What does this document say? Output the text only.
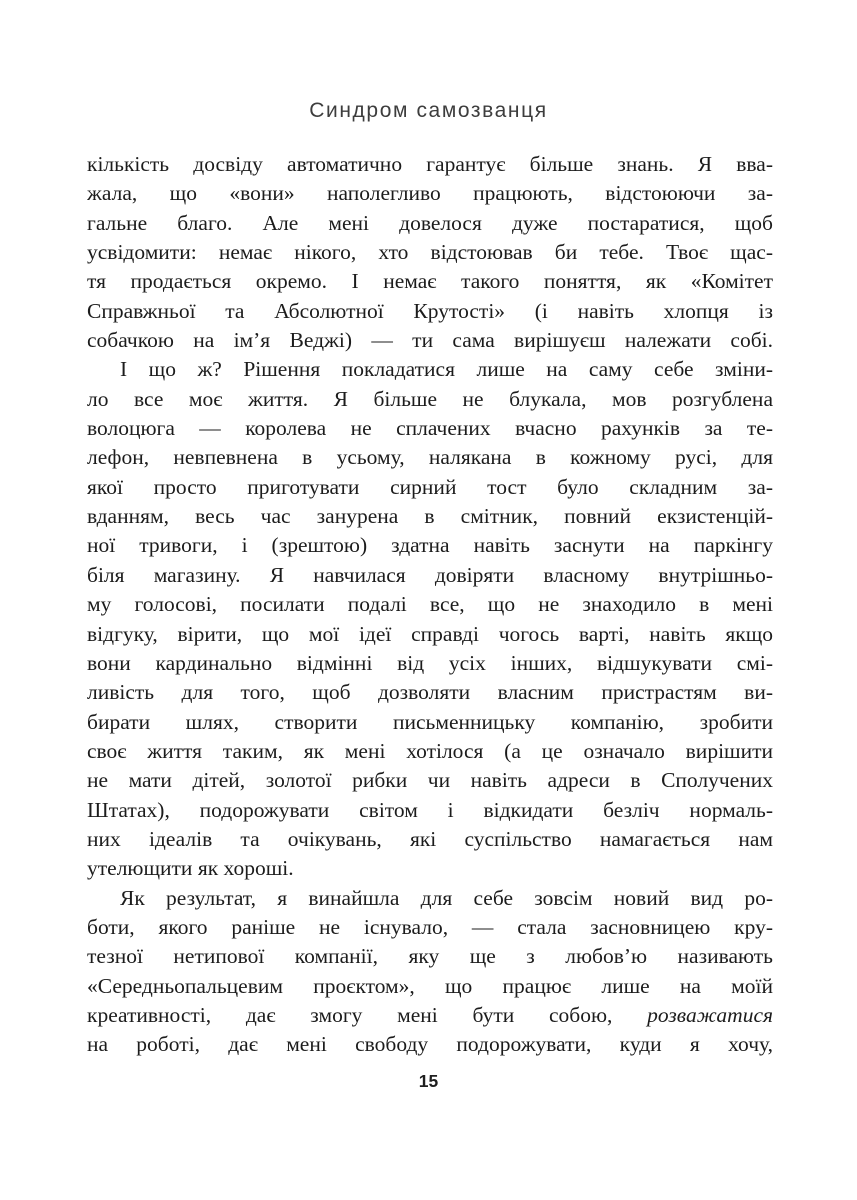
Синдром самозванця
кількість досвіду автоматично гарантує більше знань. Я вва-
жала, що «вони» наполегливо працюють, відстоюючи за-
гальне благо. Але мені довелося дуже постаратися, щоб
усвідомити: немає нікого, хто відстоював би тебе. Твоє щас-
тя продається окремо. І немає такого поняття, як «Комітет
Справжньої та Абсолютної Крутості» (і навіть хлопця із
собачкою на ім’я Веджі) — ти сама вирішуєш належати собі.
І що ж? Рішення покладатися лише на саму себе зміни-
ло все моє життя. Я більше не блукала, мов розгублена
волоцюга — королева не сплачених вчасно рахунків за те-
лефон, невпевнена в усьому, налякана в кожному русі, для
якої просто приготувати сирний тост було складним за-
вданням, весь час занурена в смітник, повний екзистенцій-
ної тривоги, і (зрештою) здатна навіть заснути на паркінгу
біля магазину. Я навчилася довіряти власному внутрішньо-
му голосові, посилати подалі все, що не знаходило в мені
відгуку, вірити, що мої ідеї справді чогось варті, навіть якщо
вони кардинально відмінні від усіх інших, відшукувати смі-
ливість для того, щоб дозволяти власним пристрастям ви-
бирати шлях, створити письменницьку компанію, зробити
своє життя таким, як мені хотілося (а це означало вирішити
не мати дітей, золотої рибки чи навіть адреси в Сполучених
Штатах), подорожувати світом і відкидати безліч нормаль-
них ідеалів та очікувань, які суспільство намагається нам
утелющити як хороші.
Як результат, я винайшла для себе зовсім новий вид ро-
боти, якого раніше не існувало, — стала засновницею кру-
тезної нетипової компанії, яку ще з любов’ю називають
«Середньопальцевим проєктом», що працює лише на моїй
креативності, дає змогу мені бути собою, розважатися
на роботі, дає мені свободу подорожувати, куди я хочу,
15
